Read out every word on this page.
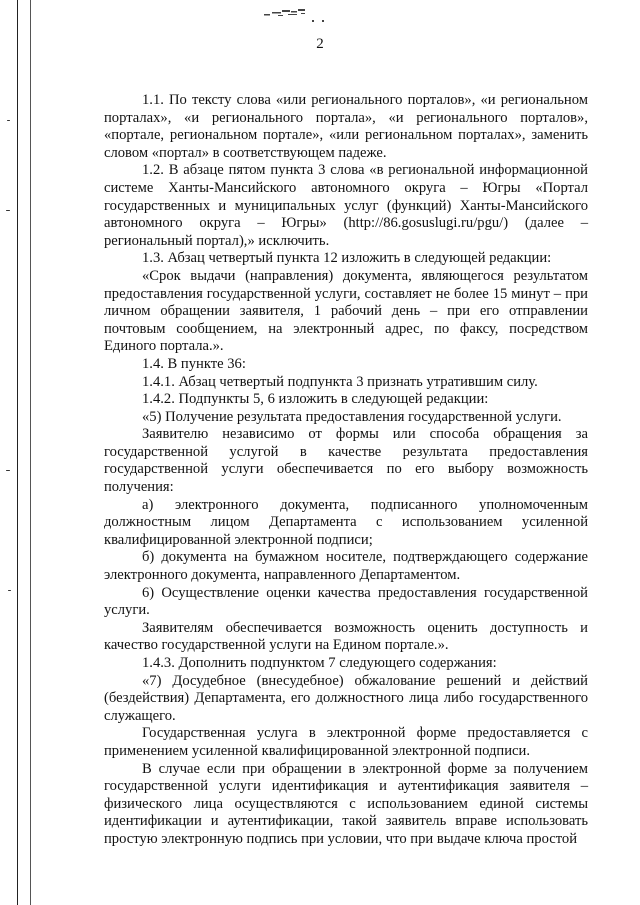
2

1.1. По тексту слова «или регионального порталов», «и региональном порталах», «и регионального портала», «и регионального порталов», «портале, региональном портале», «или региональном порталах», заменить словом «портал» в соответствующем падеже.

1.2. В абзаце пятом пункта 3 слова «в региональной информационной системе Ханты-Мансийского автономного округа – Югры «Портал государственных и муниципальных услуг (функций) Ханты-Мансийского автономного округа – Югры» (http://86.gosuslugi.ru/pgu/) (далее – региональный портал),» исключить.

1.3. Абзац четвертый пункта 12 изложить в следующей редакции:

«Срок выдачи (направления) документа, являющегося результатом предоставления государственной услуги, составляет не более 15 минут – при личном обращении заявителя, 1 рабочий день – при его отправлении почтовым сообщением, на электронный адрес, по факсу, посредством Единого портала.».

1.4. В пункте 36:

1.4.1. Абзац четвертый подпункта 3 признать утратившим силу.

1.4.2. Подпункты 5, 6 изложить в следующей редакции:

«5) Получение результата предоставления государственной услуги.

Заявителю независимо от формы или способа обращения за государственной услугой в качестве результата предоставления государственной услуги обеспечивается по его выбору возможность получения:

а) электронного документа, подписанного уполномоченным должностным лицом Департамента с использованием усиленной квалифицированной электронной подписи;

б) документа на бумажном носителе, подтверждающего содержание электронного документа, направленного Департаментом.

6) Осуществление оценки качества предоставления государственной услуги.

Заявителям обеспечивается возможность оценить доступность и качество государственной услуги на Едином портале.».

1.4.3. Дополнить подпунктом 7 следующего содержания:

«7) Досудебное (внесудебное) обжалование решений и действий (бездействия) Департамента, его должностного лица либо государственного служащего.

Государственная услуга в электронной форме предоставляется с применением усиленной квалифицированной электронной подписи.

В случае если при обращении в электронной форме за получением государственной услуги идентификация и аутентификация заявителя – физического лица осуществляются с использованием единой системы идентификации и аутентификации, такой заявитель вправе использовать простую электронную подпись при условии, что при выдаче ключа простой
